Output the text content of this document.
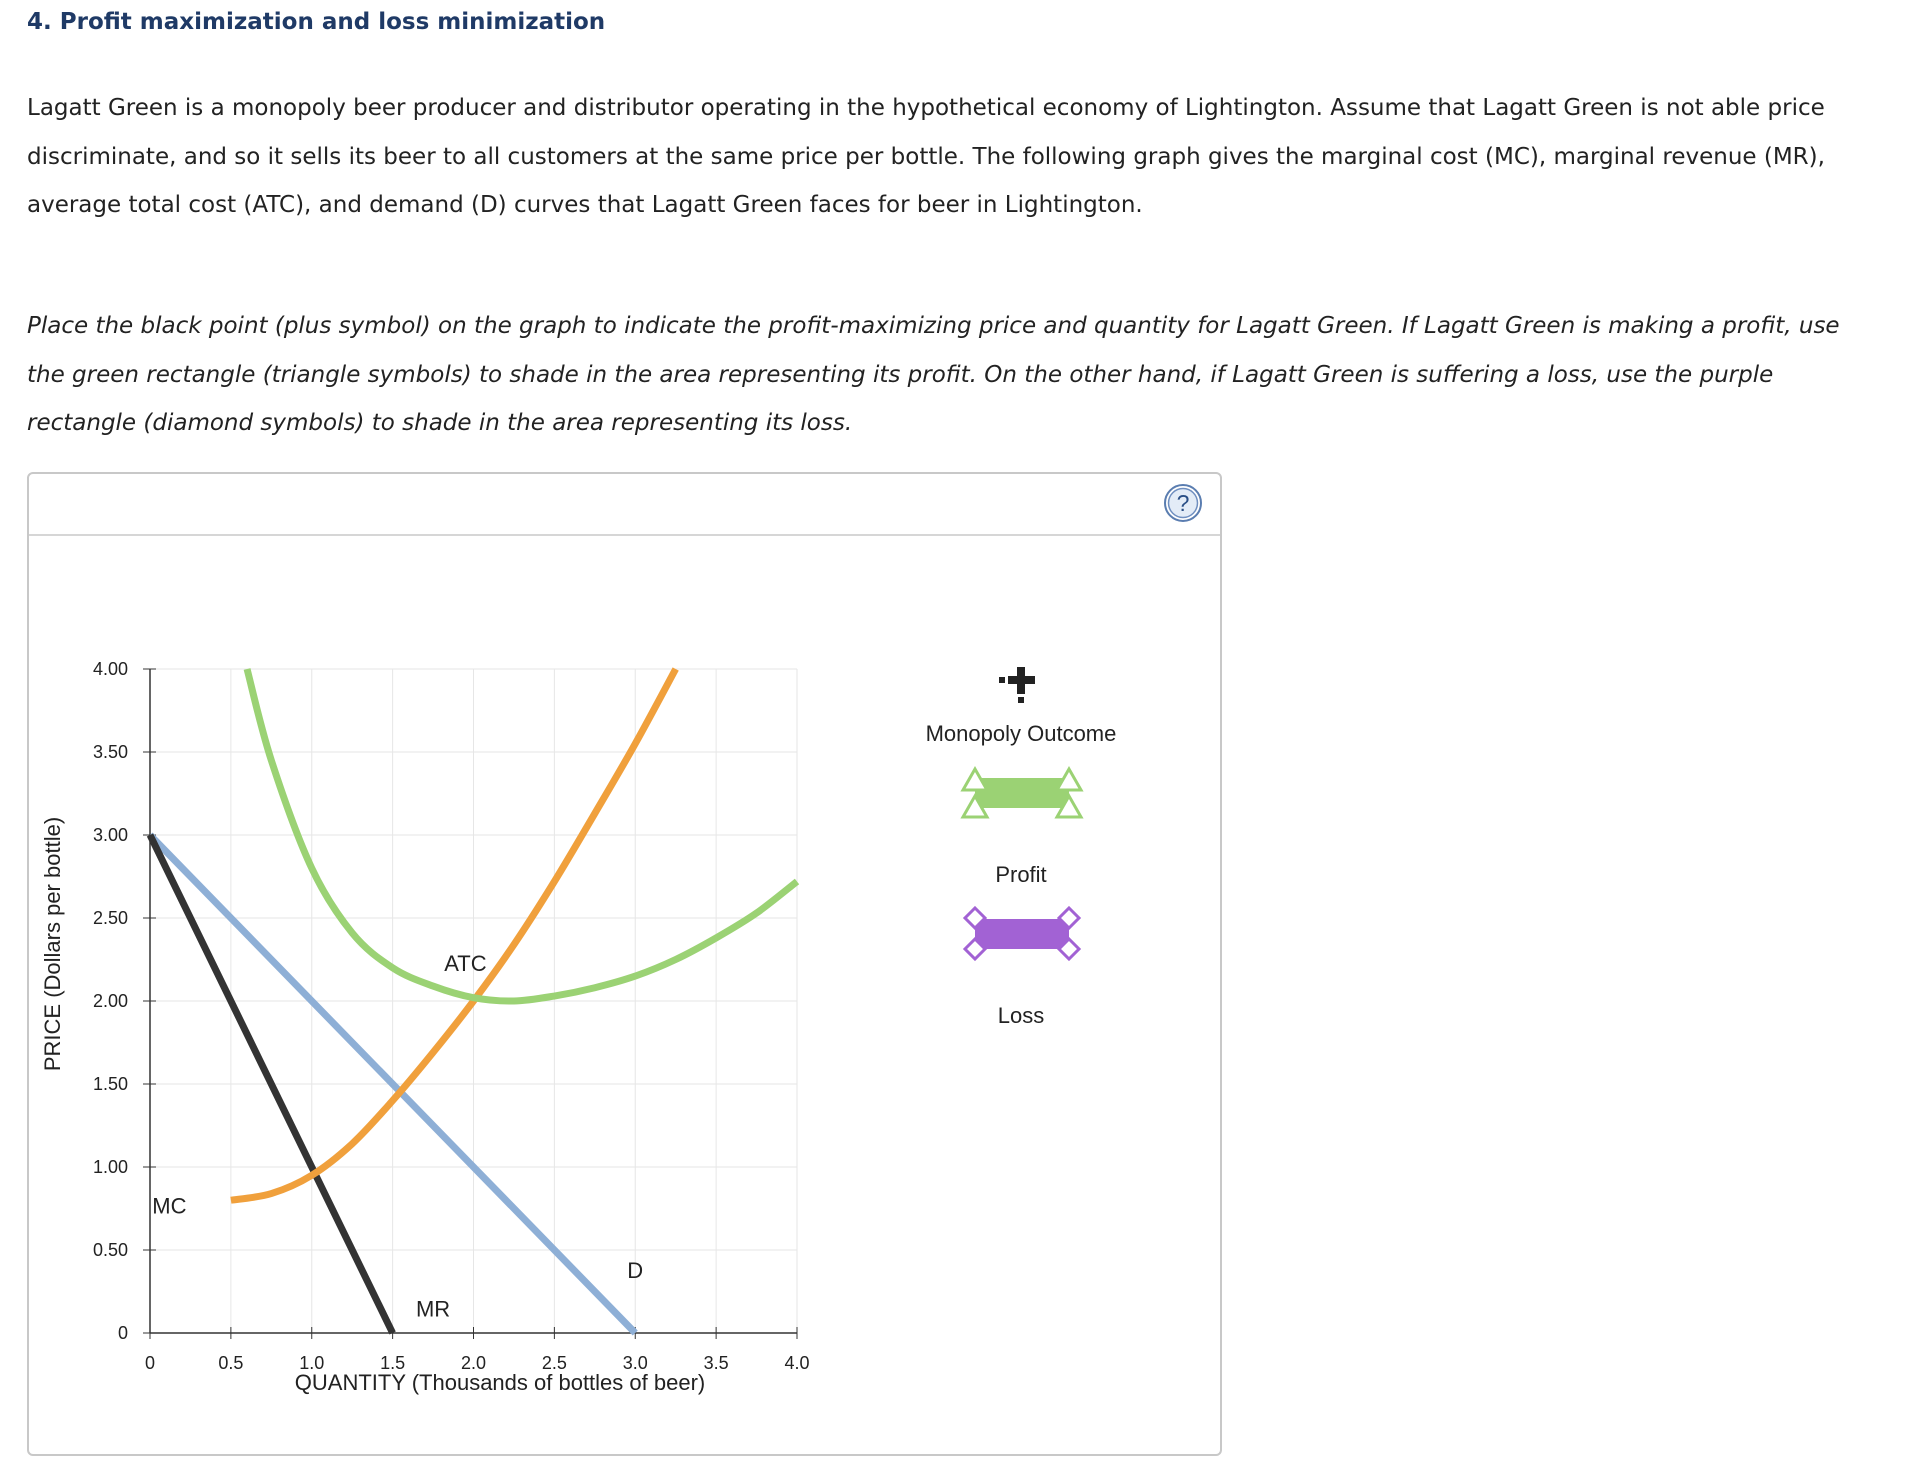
4. Profit maximization and loss minimization

Lagatt Green is a monopoly beer producer and distributor operating in the hypothetical economy of Lightington. Assume that Lagatt Green is not able price discriminate, and so it sells its beer to all customers at the same price per bottle. The following graph gives the marginal cost (MC), marginal revenue (MR), average total cost (ATC), and demand (D) curves that Lagatt Green faces for beer in Lightington.

Place the black point (plus symbol) on the graph to indicate the profit-maximizing price and quantity for Lagatt Green. If Lagatt Green is making a profit, use the green rectangle (triangle symbols) to shade in the area representing its profit. On the other hand, if Lagatt Green is suffering a loss, use the purple rectangle (diamond symbols) to shade in the area representing its loss.

?
0	0.5	1.0	1.5	2.0	2.5	3.0	3.5	4.0
0
0.50
1.00
1.50
2.00
2.50
3.00
3.50
4.00
ATC
MC
MR
D
QUANTITY (Thousands of bottles of beer)
PRICE (Dollars per bottle)
Monopoly Outcome
Profit
Loss
